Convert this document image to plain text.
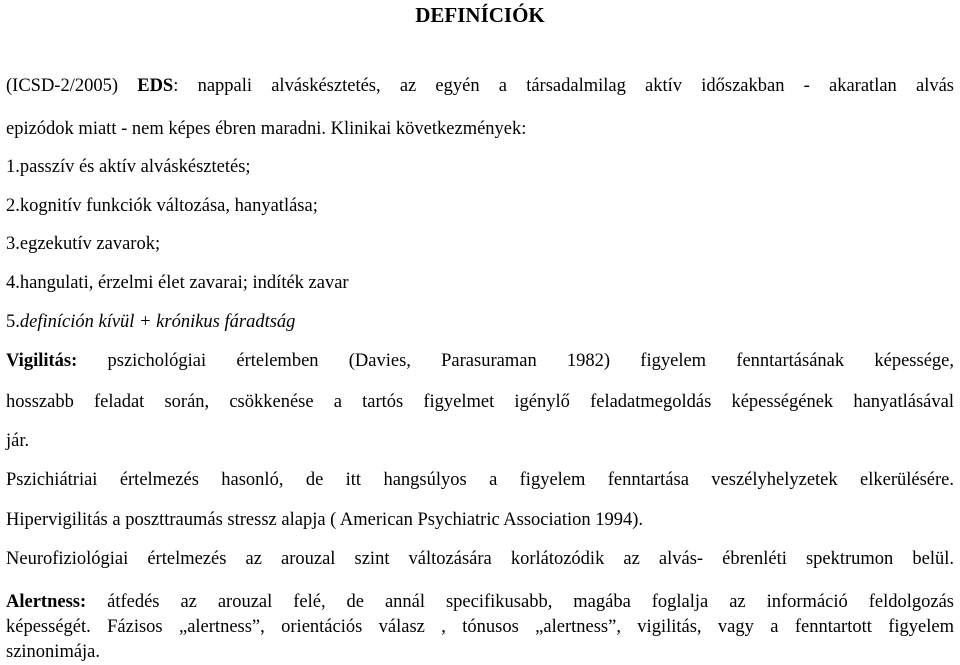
DEFINÍCIÓK
(ICSD-2/2005) EDS: nappali alváskésztetés, az egyén a társadalmilag aktív időszakban - akaratlan alvás
epizódok miatt - nem képes ébren maradni. Klinikai következmények:
1.passzív és aktív alváskésztetés;
2.kognitív funkciók változása, hanyatlása;
3.egzekutív zavarok;
4.hangulati, érzelmi élet zavarai; indíték zavar
5.definíción kívül + krónikus fáradtság
Vigilitás: pszichológiai értelemben (Davies, Parasuraman 1982) figyelem fenntartásának képessége,
hosszabb feladat során, csökkenése a tartós figyelmet igénylő feladatmegoldás képességének hanyatlásával
jár.
Pszichiátriai értelmezés hasonló, de itt hangsúlyos a figyelem fenntartása veszélyhelyzetek elkerülésére.
Hipervigilitás a poszttraumás stressz alapja ( American Psychiatric Association 1994).
Neurofiziológiai értelmezés az arouzal szint változására korlátozódik az alvás- ébrenléti spektrumon belül.
Alertness: átfedés az arouzal felé, de annál specifikusabb, magába foglalja az információ feldolgozás
képességét. Fázisos „alertness”, orientációs válasz , tónusos „alertness”, vigilitás, vagy a fenntartott figyelem
szinonimája.
